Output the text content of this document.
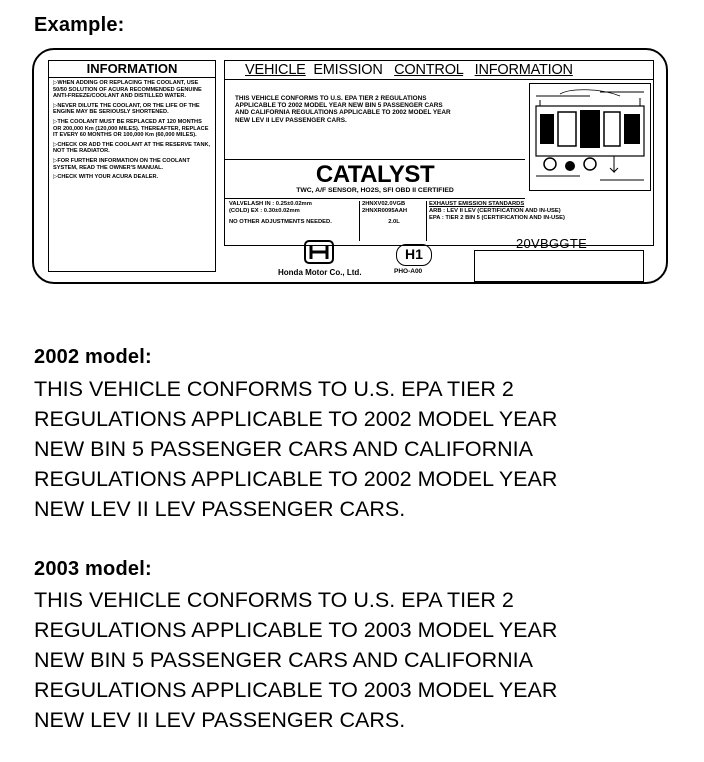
Example:
INFORMATION
▷ WHEN ADDING OR REPLACING THE COOLANT, USE 50/50 SOLUTION OF ACURA RECOMMENDED GENUINE ANTI-FREEZE/COOLANT AND DISTILLED WATER.
▷ NEVER DILUTE THE COOLANT, OR THE LIFE OF THE ENGINE MAY BE SERIOUSLY SHORTENED.
▷ THE COOLANT MUST BE REPLACED AT 120 MONTHS OR 200,000 Km (120,000 MILES). THEREAFTER, REPLACE IT EVERY 60 MONTHS OR 100,000 Km (60,000 MILES).
▷ CHECK OR ADD THE COOLANT AT THE RESERVE TANK, NOT THE RADIATOR.
▷ FOR FURTHER INFORMATION ON THE COOLANT SYSTEM, READ THE OWNER'S MANUAL.
▷ CHECK WITH YOUR ACURA DEALER.
VEHICLE EMISSION CONTROL INFORMATION
THIS VEHICLE CONFORMS TO U.S. EPA TIER 2 REGULATIONS
APPLICABLE TO 2002 MODEL YEAR NEW BIN 5 PASSENGER CARS
AND CALIFORNIA REGULATIONS APPLICABLE TO 2002 MODEL YEAR
NEW LEV II LEV PASSENGER CARS.
CATALYST
TWC, A/F SENSOR, HO2S, SFI OBD II CERTIFIED
VALVELASH IN : 0.25±0.02mm
(COLD) EX : 0.30±0.02mm
NO OTHER ADJUSTMENTS NEEDED.
2HNXV02.0VGB
2HNXR0095AAH
2.0L
EXHAUST EMISSION STANDARDS
ARB : LEV II LEV (CERTIFICATION AND IN-USE)
EPA : TIER 2 BIN 5 (CERTIFICATION AND IN-USE)
Honda Motor Co., Ltd.
H1
PHO-A00
20VBGGTE
2002 model:
THIS VEHICLE CONFORMS TO U.S. EPA TIER 2
REGULATIONS APPLICABLE TO 2002 MODEL YEAR
NEW BIN 5 PASSENGER CARS AND CALIFORNIA
REGULATIONS APPLICABLE TO 2002 MODEL YEAR
NEW LEV II LEV PASSENGER CARS.
2003 model:
THIS VEHICLE CONFORMS TO U.S. EPA TIER 2
REGULATIONS APPLICABLE TO 2003 MODEL YEAR
NEW BIN 5 PASSENGER CARS AND CALIFORNIA
REGULATIONS APPLICABLE TO 2003 MODEL YEAR
NEW LEV II LEV PASSENGER CARS.
